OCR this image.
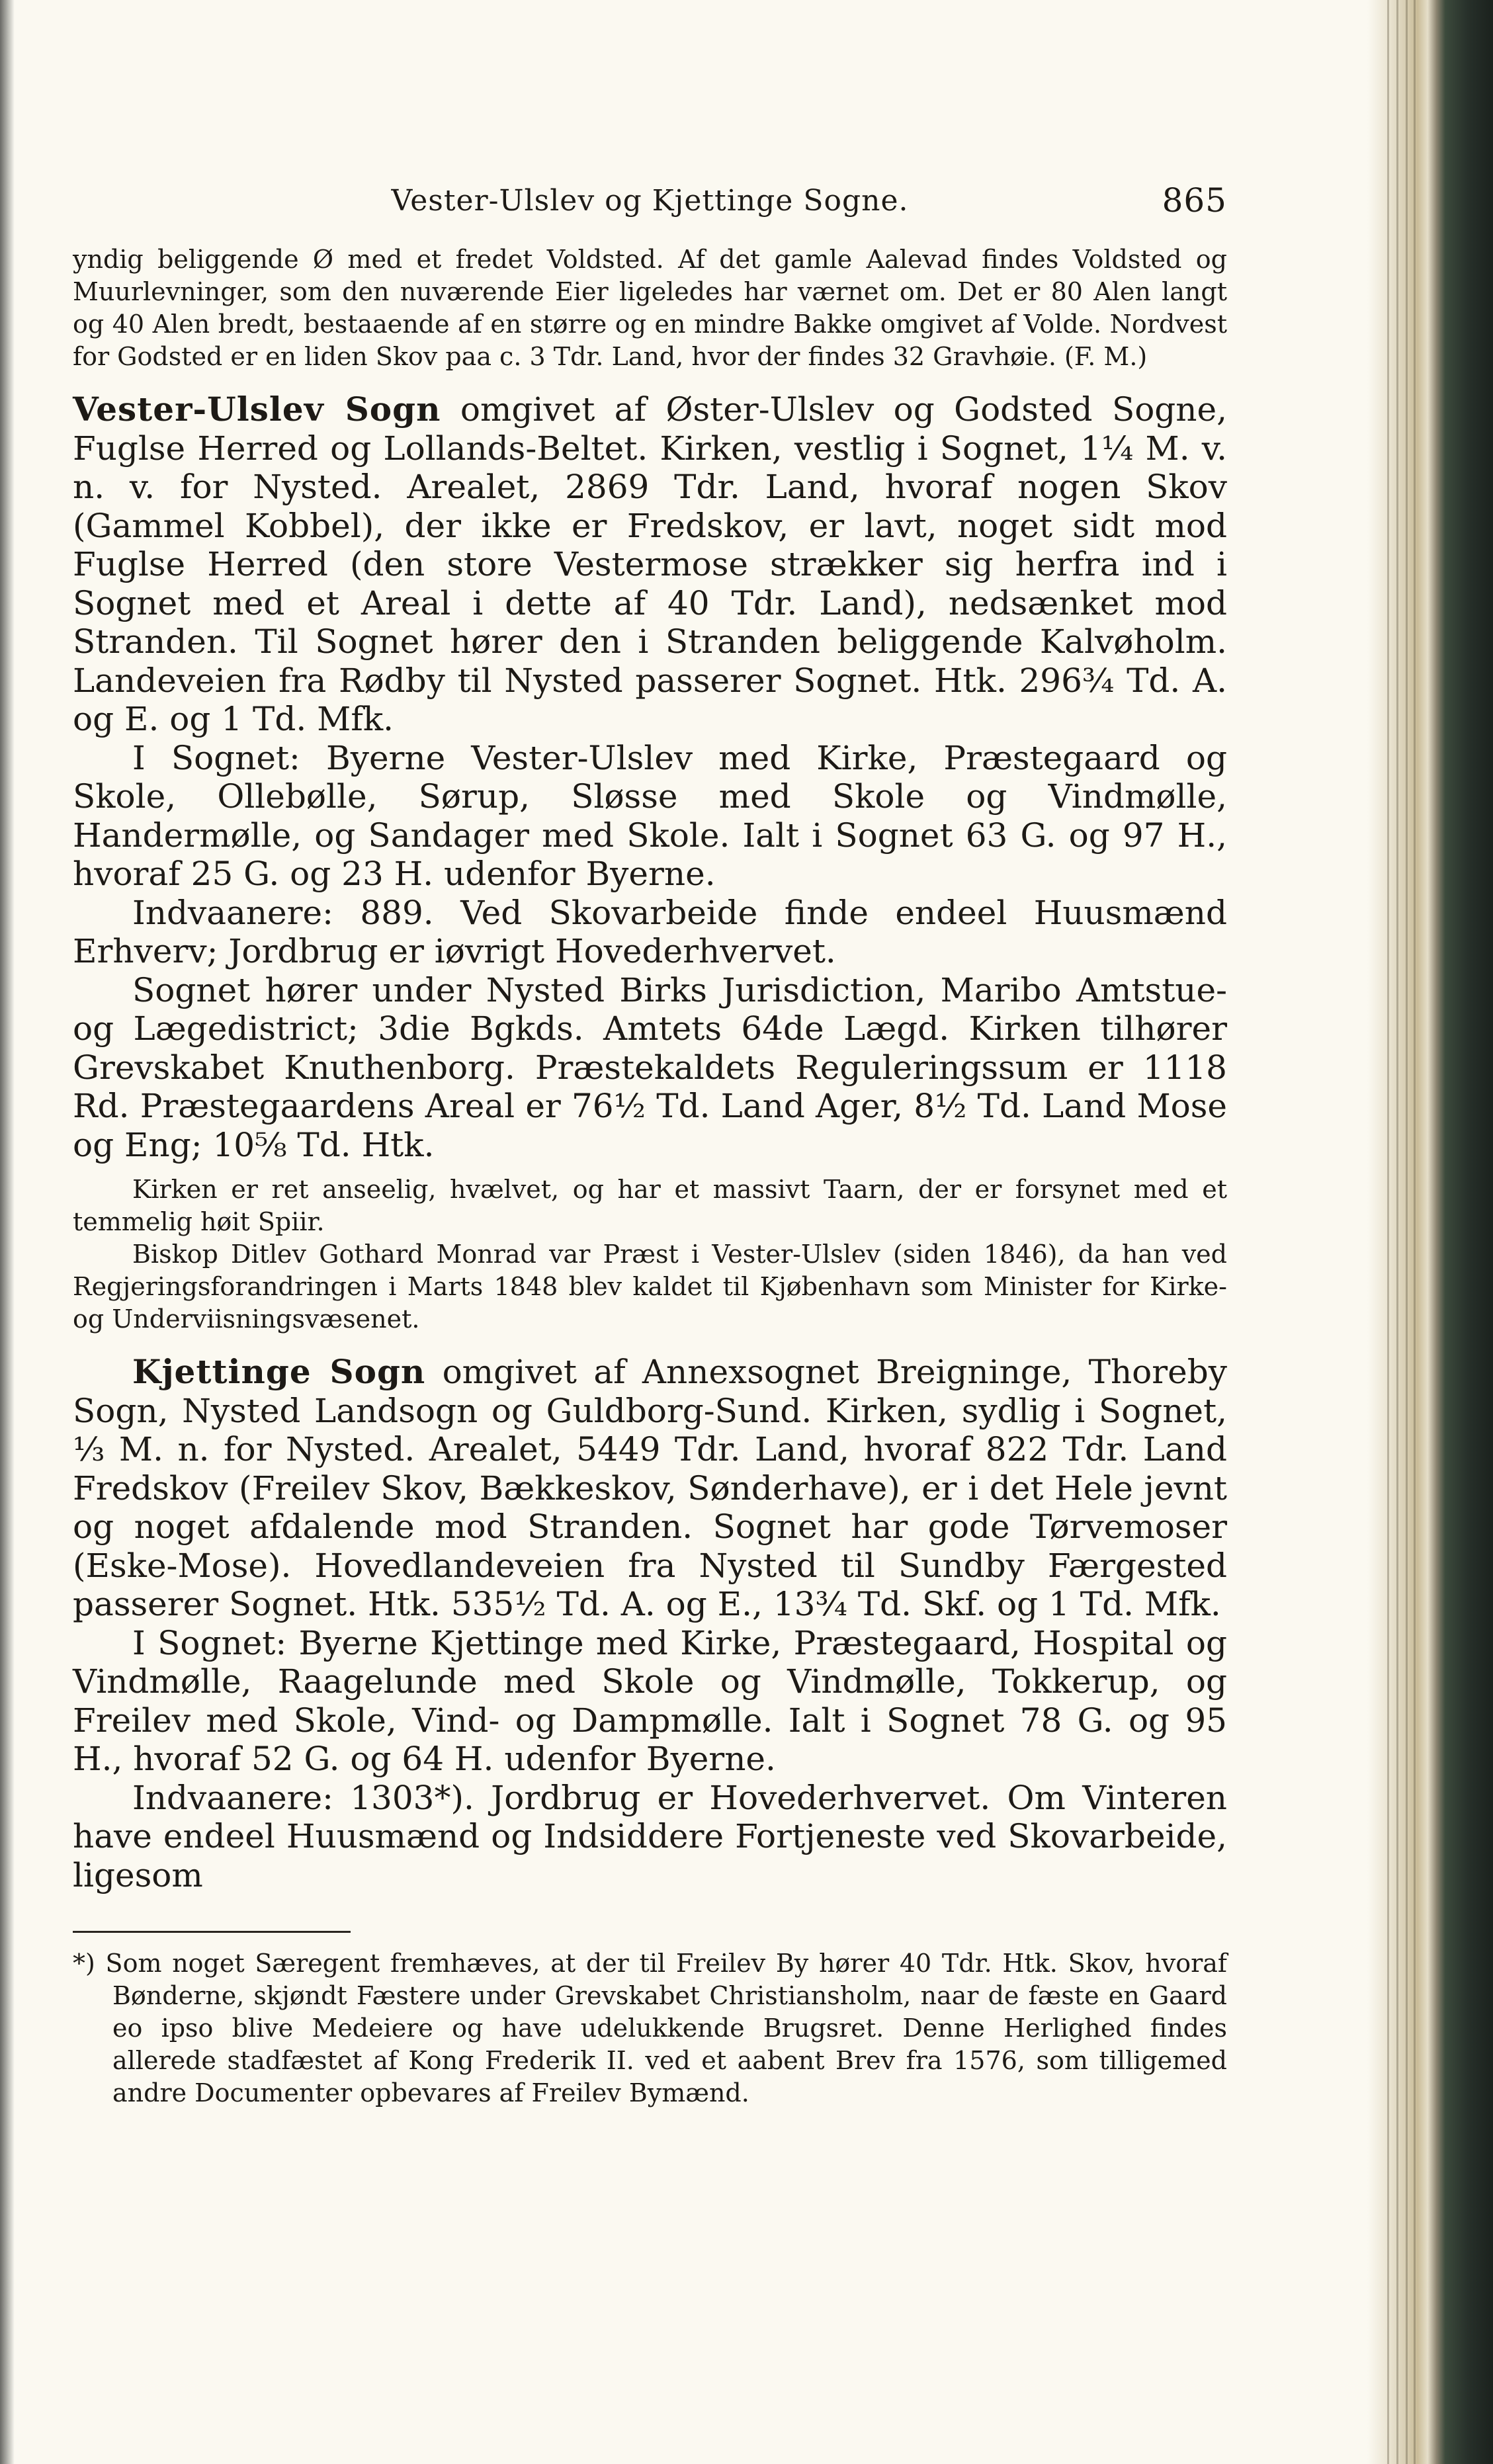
Vester-Ulslev og Kjettinge Sogne.	865

yndig beliggende Ø med et fredet Voldsted. Af det gamle Aalevad findes Voldsted og Muurlevninger, som den nuværende Eier ligeledes har værnet om. Det er 80 Alen langt og 40 Alen bredt, bestaaende af en større og en mindre Bakke omgivet af Volde. Nordvest for Godsted er en liden Skov paa c. 3 Tdr. Land, hvor der findes 32 Gravhøie. (F. M.)

Vester-Ulslev Sogn omgivet af Øster-Ulslev og Godsted Sogne, Fuglse Herred og Lollands-Beltet. Kirken, vestlig i Sognet, 1¼ M. v. n. v. for Nysted. Arealet, 2869 Tdr. Land, hvoraf nogen Skov (Gammel Kobbel), der ikke er Fredskov, er lavt, noget sidt mod Fuglse Herred (den store Vestermose strækker sig herfra ind i Sognet med et Areal i dette af 40 Tdr. Land), nedsænket mod Stranden. Til Sognet hører den i Stranden beliggende Kalvøholm. Landeveien fra Rødby til Nysted passerer Sognet. Htk. 296¾ Td. A. og E. og 1 Td. Mfk.

I Sognet: Byerne Vester-Ulslev med Kirke, Præstegaard og Skole, Ollebølle, Sørup, Sløsse med Skole og Vindmølle, Handermølle, og Sandager med Skole. Ialt i Sognet 63 G. og 97 H., hvoraf 25 G. og 23 H. udenfor Byerne.

Indvaanere: 889. Ved Skovarbeide finde endeel Huusmænd Erhverv; Jordbrug er iøvrigt Hovederhvervet.

Sognet hører under Nysted Birks Jurisdiction, Maribo Amtstue- og Lægedistrict; 3die Bgkds. Amtets 64de Lægd. Kirken tilhører Grevskabet Knuthenborg. Præstekaldets Reguleringssum er 1118 Rd. Præstegaardens Areal er 76½ Td. Land Ager, 8½ Td. Land Mose og Eng; 10⅝ Td. Htk.

Kirken er ret anseelig, hvælvet, og har et massivt Taarn, der er forsynet med et temmelig høit Spiir.

Biskop Ditlev Gothard Monrad var Præst i Vester-Ulslev (siden 1846), da han ved Regjeringsforandringen i Marts 1848 blev kaldet til Kjøbenhavn som Minister for Kirke- og Underviisningsvæsenet.

Kjettinge Sogn omgivet af Annexsognet Breigninge, Thoreby Sogn, Nysted Landsogn og Guldborg-Sund. Kirken, sydlig i Sognet, ⅓ M. n. for Nysted. Arealet, 5449 Tdr. Land, hvoraf 822 Tdr. Land Fredskov (Freilev Skov, Bækkeskov, Sønderhave), er i det Hele jevnt og noget afdalende mod Stranden. Sognet har gode Tørvemoser (Eske-Mose). Hovedlandeveien fra Nysted til Sundby Færgested passerer Sognet. Htk. 535½ Td. A. og E., 13¾ Td. Skf. og 1 Td. Mfk.

I Sognet: Byerne Kjettinge med Kirke, Præstegaard, Hospital og Vindmølle, Raagelunde med Skole og Vindmølle, Tokkerup, og Freilev med Skole, Vind- og Dampmølle. Ialt i Sognet 78 G. og 95 H., hvoraf 52 G. og 64 H. udenfor Byerne.

Indvaanere: 1303*). Jordbrug er Hovederhvervet. Om Vinteren have endeel Huusmænd og Indsiddere Fortjeneste ved Skovarbeide, ligesom

*) Som noget Særegent fremhæves, at der til Freilev By hører 40 Tdr. Htk. Skov, hvoraf Bønderne, skjøndt Fæstere under Grevskabet Christiansholm, naar de fæste en Gaard eo ipso blive Medeiere og have udelukkende Brugsret. Denne Herlighed findes allerede stadfæstet af Kong Frederik II. ved et aabent Brev fra 1576, som tilligemed andre Documenter opbevares af Freilev Bymænd.
